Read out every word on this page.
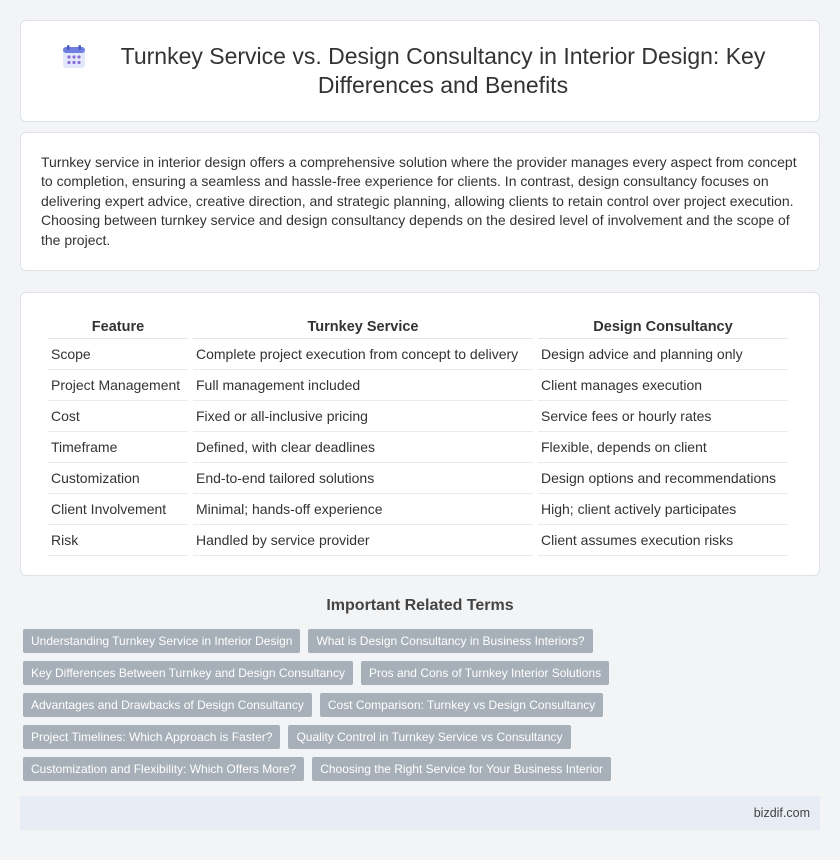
Turnkey Service vs. Design Consultancy in Interior Design: Key Differences and Benefits

Turnkey service in interior design offers a comprehensive solution where the provider manages every aspect from concept to completion, ensuring a seamless and hassle-free experience for clients. In contrast, design consultancy focuses on delivering expert advice, creative direction, and strategic planning, allowing clients to retain control over project execution. Choosing between turnkey service and design consultancy depends on the desired level of involvement and the scope of the project.

Feature	Turnkey Service	Design Consultancy
Scope	Complete project execution from concept to delivery	Design advice and planning only
Project Management	Full management included	Client manages execution
Cost	Fixed or all-inclusive pricing	Service fees or hourly rates
Timeframe	Defined, with clear deadlines	Flexible, depends on client
Customization	End-to-end tailored solutions	Design options and recommendations
Client Involvement	Minimal; hands-off experience	High; client actively participates
Risk	Handled by service provider	Client assumes execution risks
Important Related Terms
Understanding Turnkey Service in Interior Design	What is Design Consultancy in Business Interiors?
Key Differences Between Turnkey and Design Consultancy	Pros and Cons of Turnkey Interior Solutions
Advantages and Drawbacks of Design Consultancy	Cost Comparison: Turnkey vs Design Consultancy
Project Timelines: Which Approach is Faster?	Quality Control in Turnkey Service vs Consultancy
Customization and Flexibility: Which Offers More?	Choosing the Right Service for Your Business Interior
bizdif.com
